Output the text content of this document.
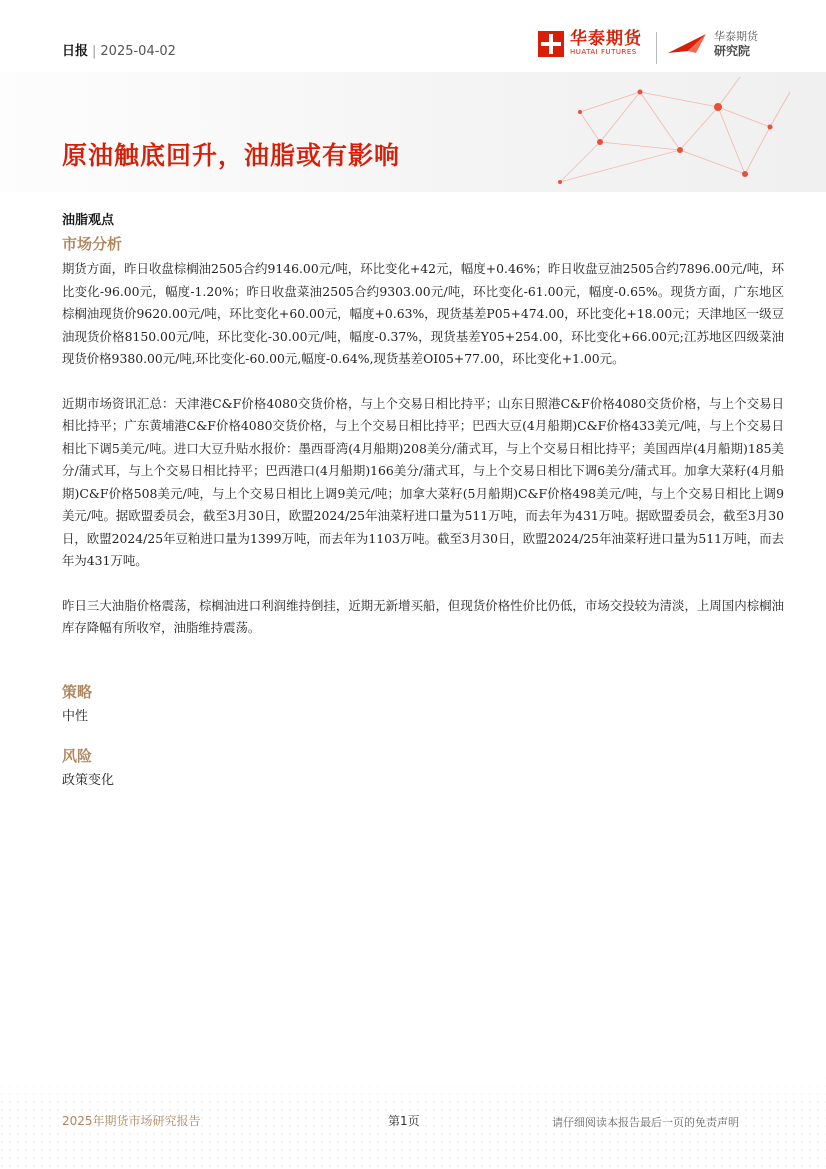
日报 | 2025-04-02
华泰期货
HUATAI FUTURES
华泰期货
研究院
原油触底回升，油脂或有影响
油脂观点
市场分析

期货方面，昨日收盘棕榈油2505合约9146.00元/吨，环比变化+42元，幅度+0.46%；昨日收盘豆油2505合约7896.00元/吨，环比变化-96.00元，幅度-1.20%；昨日收盘菜油2505合约9303.00元/吨，环比变化-61.00元，幅度-0.65%。现货方面，广东地区棕榈油现货价9620.00元/吨，环比变化+60.00元，幅度+0.63%，现货基差P05+474.00，环比变化+18.00元；天津地区一级豆油现货价格8150.00元/吨，环比变化-30.00元/吨，幅度-0.37%，现货基差Y05+254.00，环比变化+66.00元;江苏地区四级菜油现货价格9380.00元/吨,环比变化-60.00元,幅度-0.64%,现货基差OI05+77.00，环比变化+1.00元。

近期市场资讯汇总：天津港C&F价格4080交货价格，与上个交易日相比持平；山东日照港C&F价格4080交货价格，与上个交易日相比持平；广东黄埔港C&F价格4080交货价格，与上个交易日相比持平；巴西大豆(4月船期)C&F价格433美元/吨，与上个交易日相比下调5美元/吨。进口大豆升贴水报价：墨西哥湾(4月船期)208美分/蒲式耳，与上个交易日相比持平；美国西岸(4月船期)185美分/蒲式耳，与上个交易日相比持平；巴西港口(4月船期)166美分/蒲式耳，与上个交易日相比下调6美分/蒲式耳。加拿大菜籽(4月船期)C&F价格508美元/吨，与上个交易日相比上调9美元/吨；加拿大菜籽(5月船期)C&F价格498美元/吨，与上个交易日相比上调9美元/吨。据欧盟委员会，截至3月30日，欧盟2024/25年油菜籽进口量为511万吨，而去年为431万吨。据欧盟委员会，截至3月30日，欧盟2024/25年豆粕进口量为1399万吨，而去年为1103万吨。截至3月30日，欧盟2024/25年油菜籽进口量为511万吨，而去年为431万吨。

昨日三大油脂价格震荡，棕榈油进口利润维持倒挂，近期无新增买船，但现货价格性价比仍低，市场交投较为清淡，上周国内棕榈油库存降幅有所收窄，油脂维持震荡。

策略

中性

风险

政策变化

2025年期货市场研究报告	第1页	请仔细阅读本报告最后一页的免责声明
